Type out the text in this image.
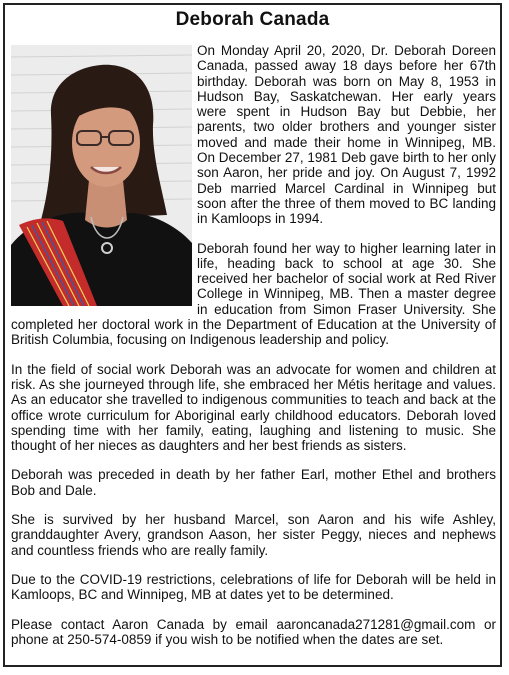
Deborah Canada

On Monday April 20, 2020, Dr. Deborah Doreen Canada, passed away 18 days before her 67th birthday. Deborah was born on May 8, 1953 in Hudson Bay, Saskatchewan. Her early years were spent in Hudson Bay but Debbie, her parents, two older brothers and younger sister moved and made their home in Winnipeg, MB. On December 27, 1981 Deb gave birth to her only son Aaron, her pride and joy. On August 7, 1992 Deb married Marcel Cardinal in Winnipeg but soon after the three of them moved to BC landing in Kamloops in 1994.

Deborah found her way to higher learning later in life, heading back to school at age 30. She received her bachelor of social work at Red River College in Winnipeg, MB. Then a master degree in education from Simon Fraser University. She completed her doctoral work in the Department of Education at the University of British Columbia, focusing on Indigenous leadership and policy.

In the field of social work Deborah was an advocate for women and children at risk. As she journeyed through life, she embraced her Métis heritage and values. As an educator she travelled to indigenous communities to teach and back at the office wrote curriculum for Aboriginal early childhood educators. Deborah loved spending time with her family, eating, laughing and listening to music. She thought of her nieces as daughters and her best friends as sisters.

Deborah was preceded in death by her father Earl, mother Ethel and brothers Bob and Dale.

She is survived by her husband Marcel, son Aaron and his wife Ashley, granddaughter Avery, grandson Aason, her sister Peggy, nieces and nephews and countless friends who are really family.

Due to the COVID-19 restrictions, celebrations of life for Deborah will be held in Kamloops, BC and Winnipeg, MB at dates yet to be determined.

Please contact Aaron Canada by email aaroncanada271281@gmail.com or phone at 250-574-0859 if you wish to be notified when the dates are set.
